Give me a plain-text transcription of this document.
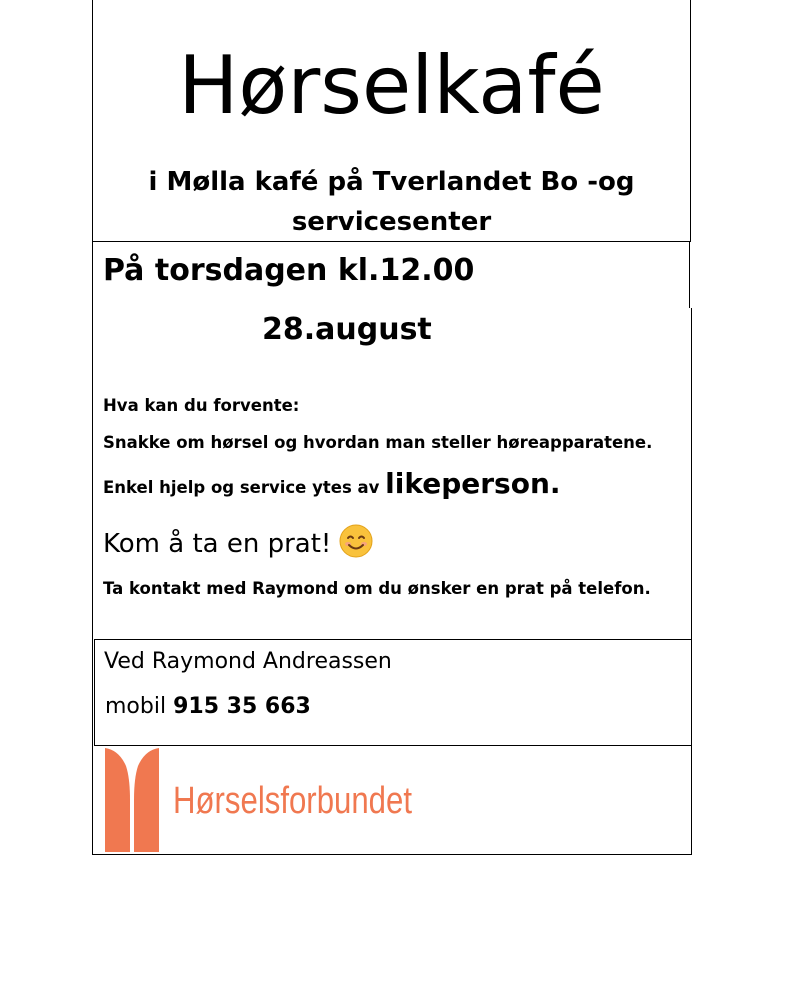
Hørselkafé
i Mølla kafé på Tverlandet Bo -og servicesenter
På torsdagen kl.12.00
28.august
Hva kan du forvente:
Snakke om hørsel og hvordan man steller høreapparatene.
Enkel hjelp og service ytes av likeperson.
Kom å ta en prat!
Ta kontakt med Raymond om du ønsker en prat på telefon.
Ved Raymond Andreassen
mobil 915 35 663
Hørselsforbundet
